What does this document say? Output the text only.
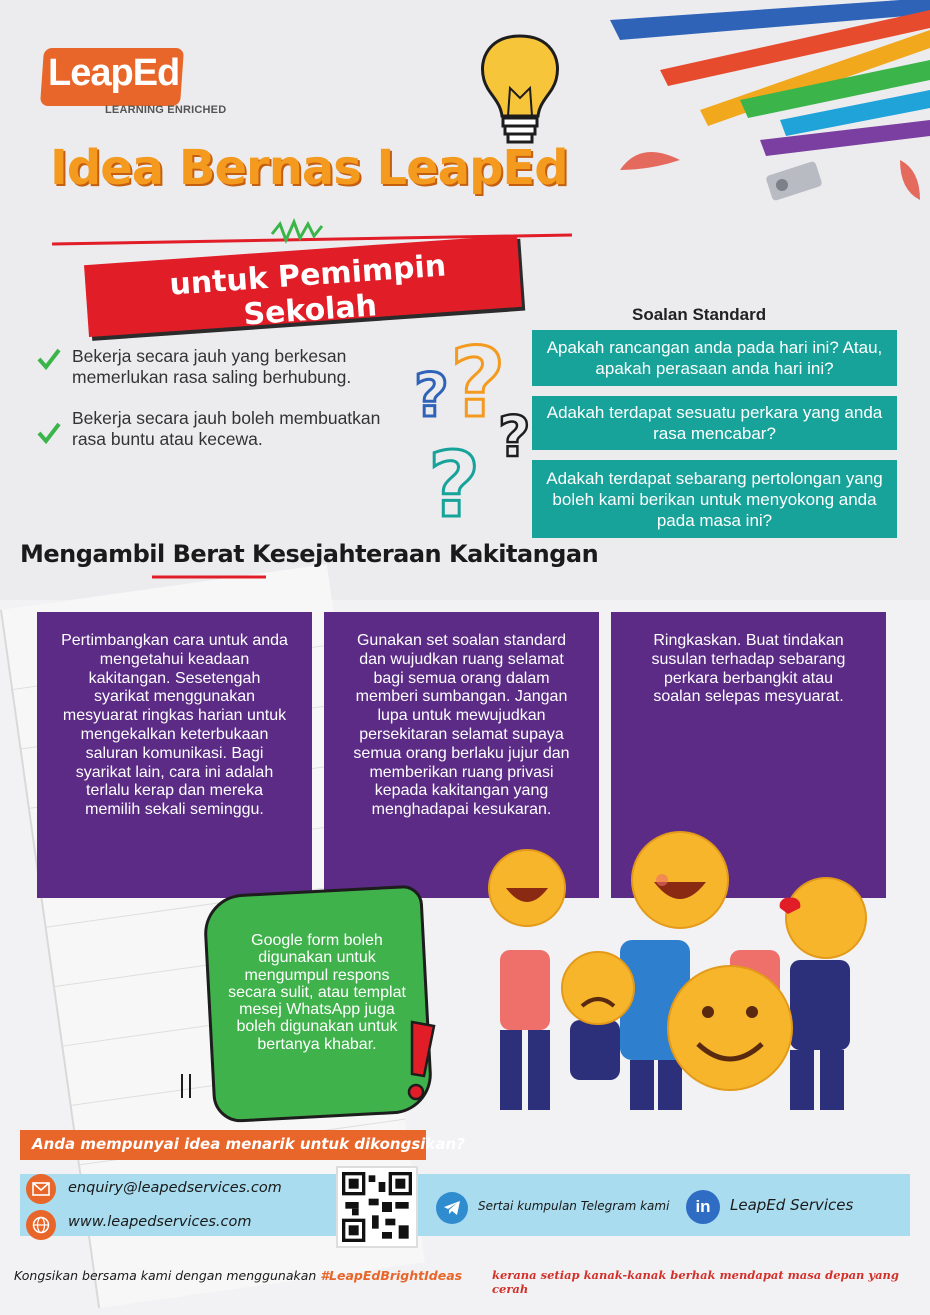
LeapEd
LEARNING ENRICHED
Idea Bernas LeapEd
untuk Pemimpin Sekolah
Bekerja secara jauh yang berkesan memerlukan rasa saling berhubung.
Bekerja secara jauh boleh membuatkan rasa buntu atau kecewa.	?
?
?
?
Soalan Standard
Apakah rancangan anda pada hari ini? Atau, apakah perasaan anda hari ini?
Adakah terdapat sesuatu perkara yang anda rasa mencabar?
Adakah terdapat sebarang pertolongan yang boleh kami berikan untuk menyokong anda pada masa ini?
Mengambil Berat Kesejahteraan Kakitangan
Pertimbangkan cara untuk anda mengetahui keadaan kakitangan. Sesetengah syarikat menggunakan mesyuarat ringkas harian untuk mengekalkan keterbukaan saluran komunikasi. Bagi syarikat lain, cara ini adalah terlalu kerap dan mereka memilih sekali seminggu.
Gunakan set soalan standard dan wujudkan ruang selamat bagi semua orang dalam memberi sumbangan. Jangan lupa untuk mewujudkan persekitaran selamat supaya semua orang berlaku jujur dan memberikan ruang privasi kepada kakitangan yang menghadapai kesukaran.
Ringkaskan. Buat tindakan susulan terhadap sebarang perkara berbangkit atau soalan selepas mesyuarat.
Google form boleh digunakan untuk mengumpul respons secara sulit, atau templat mesej WhatsApp juga boleh digunakan untuk bertanya khabar.
Anda mempunyai idea menarik untuk dikongsikan?
enquiry@leapedservices.com
www.leapedservices.com
Sertai kumpulan Telegram kami	in	LeapEd Services
Kongsikan bersama kami dengan menggunakan #LeapEdBrightIdeas	kerana setiap kanak-kanak berhak mendapat masa depan yang cerah
